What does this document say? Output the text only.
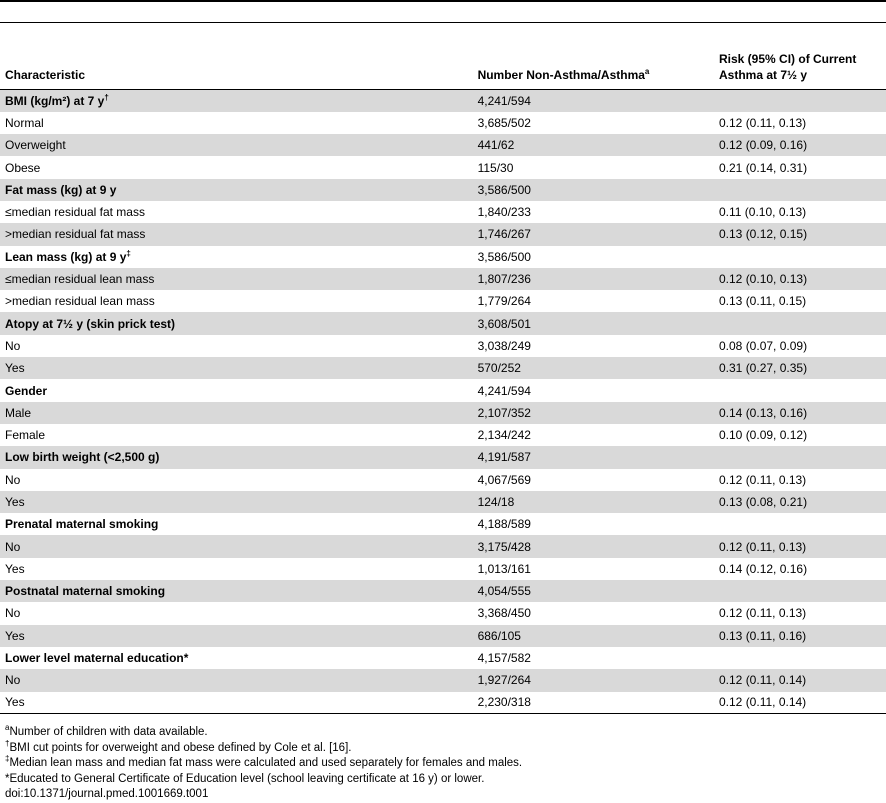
Characteristic	Number Non-Asthma/Asthma$^a$	Risk (95% CI) of Current Asthma at 7½ y
BMI (kg/m²) at 7 y†	4,241/594	
Normal	3,685/502	0.12 (0.11, 0.13)
Overweight	441/62	0.12 (0.09, 0.16)
Obese	115/30	0.21 (0.14, 0.31)
Fat mass (kg) at 9 y	3,586/500	
≤median residual fat mass	1,840/233	0.11 (0.10, 0.13)
>median residual fat mass	1,746/267	0.13 (0.12, 0.15)
Lean mass (kg) at 9 y‡	3,586/500	
≤median residual lean mass	1,807/236	0.12 (0.10, 0.13)
>median residual lean mass	1,779/264	0.13 (0.11, 0.15)
Atopy at 7½ y (skin prick test)	3,608/501	
No	3,038/249	0.08 (0.07, 0.09)
Yes	570/252	0.31 (0.27, 0.35)
Gender	4,241/594	
Male	2,107/352	0.14 (0.13, 0.16)
Female	2,134/242	0.10 (0.09, 0.12)
Low birth weight (<2,500 g)	4,191/587	
No	4,067/569	0.12 (0.11, 0.13)
Yes	124/18	0.13 (0.08, 0.21)
Prenatal maternal smoking	4,188/589	
No	3,175/428	0.12 (0.11, 0.13)
Yes	1,013/161	0.14 (0.12, 0.16)
Postnatal maternal smoking	4,054/555	
No	3,368/450	0.12 (0.11, 0.13)
Yes	686/105	0.13 (0.11, 0.16)
Lower level maternal education*	4,157/582	
No	1,927/264	0.12 (0.11, 0.14)
Yes	2,230/318	0.12 (0.11, 0.14)
$^a$Number of children with data available.
†BMI cut points for overweight and obese defined by Cole et al. [16].
‡Median lean mass and median fat mass were calculated and used separately for females and males.
*Educated to General Certificate of Education level (school leaving certificate at 16 y) or lower.
doi:10.1371/journal.pmed.1001669.t001
